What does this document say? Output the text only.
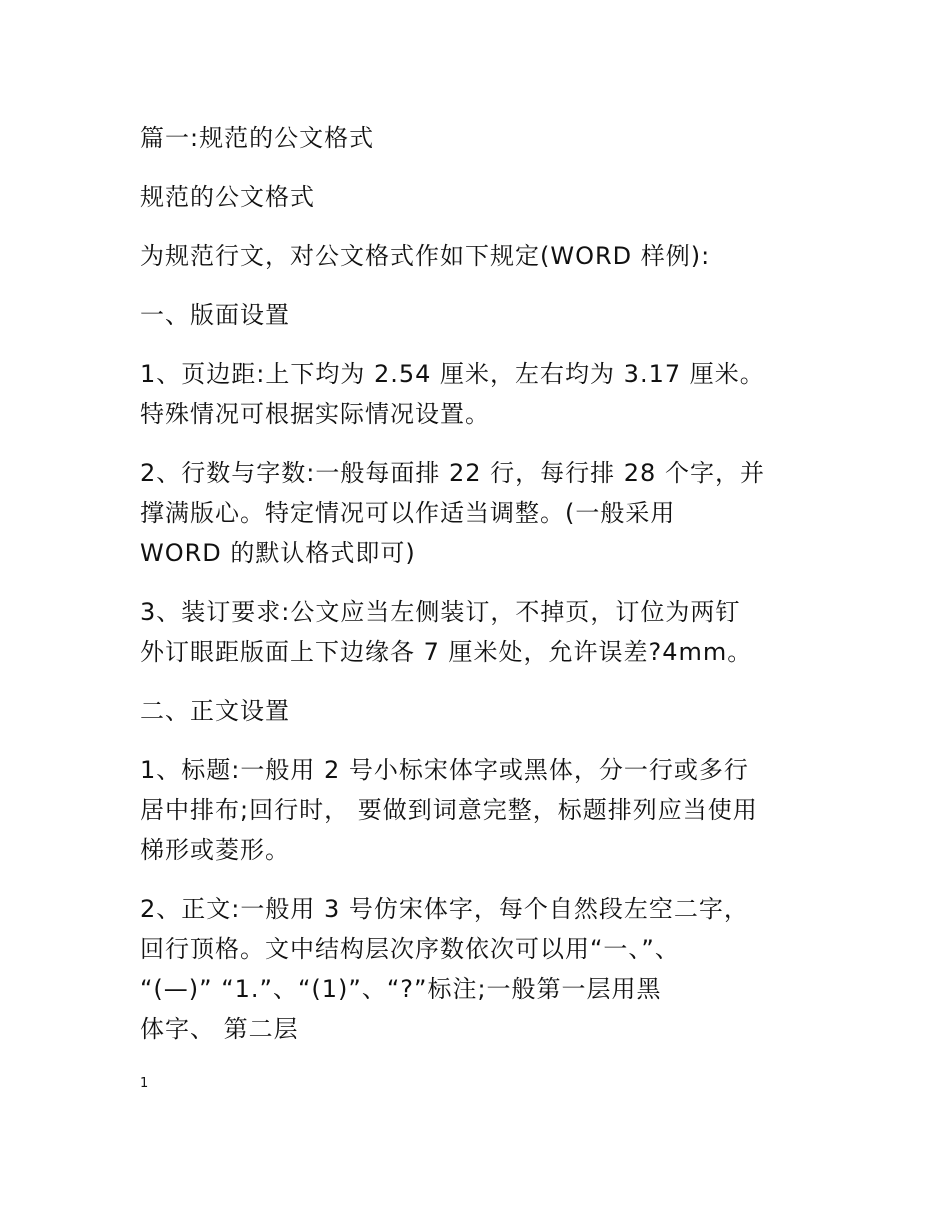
篇一:规范的公文格式

规范的公文格式

为规范行文，对公文格式作如下规定(WORD 样例):

一、版面设置

1、页边距:上下均为 2.54 厘米，左右均为 3.17 厘米。
特殊情况可根据实际情况设置。

2、行数与字数:一般每面排 22 行，每行排 28 个字，并
撑满版心。特定情况可以作适当调整。(一般采用
WORD 的默认格式即可)

3、装订要求:公文应当左侧装订，不掉页，订位为两钉
外订眼距版面上下边缘各 7 厘米处，允许误差?4mm。

二、正文设置

1、标题:一般用 2 号小标宋体字或黑体，分一行或多行
居中排布;回行时， 要做到词意完整，标题排列应当使用
梯形或菱形。

2、正文:一般用 3 号仿宋体字，每个自然段左空二字，
回行顶格。文中结构层次序数依次可以用“一、”、
“(—)” “1.”、“(1)”、“?”标注;一般第一层用黑
体字、 第二层

1
